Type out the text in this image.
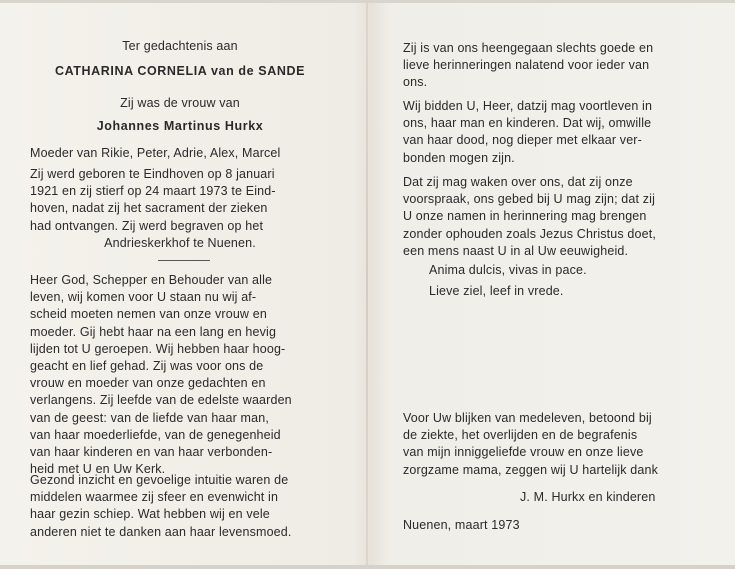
Ter gedachtenis aan

CATHARINA CORNELIA van de SANDE

Zij was de vrouw van

Johannes Martinus Hurkx

Moeder van Rikie, Peter, Adrie, Alex, Marcel

Zij werd geboren te Eindhoven op 8 januari

1921 en zij stierf op 24 maart 1973 te Eind-

hoven, nadat zij het sacrament der zieken

had ontvangen. Zij werd begraven op het

Andrieskerkhof te Nuenen.

Heer God, Schepper en Behouder van alle

leven, wij komen voor U staan nu wij af-

scheid moeten nemen van onze vrouw en

moeder. Gij hebt haar na een lang en hevig

lijden tot U geroepen. Wij hebben haar hoog-

geacht en lief gehad. Zij was voor ons de

vrouw en moeder van onze gedachten en

verlangens. Zij leefde van de edelste waarden

van de geest: van de liefde van haar man,

van haar moederliefde, van de genegenheid

van haar kinderen en van haar verbonden-

heid met U en Uw Kerk.

Gezond inzicht en gevoelige intuitie waren de

middelen waarmee zij sfeer en evenwicht in

haar gezin schiep. Wat hebben wij en vele

anderen niet te danken aan haar levensmoed.

Zij is van ons heengegaan slechts goede en

lieve herinneringen nalatend voor ieder van

ons.

Wij bidden U, Heer, datzij mag voortleven in

ons, haar man en kinderen. Dat wij, omwille

van haar dood, nog dieper met elkaar ver-

bonden mogen zijn.

Dat zij mag waken over ons, dat zij onze

voorspraak, ons gebed bij U mag zijn; dat zij

U onze namen in herinnering mag brengen

zonder ophouden zoals Jezus Christus doet,

een mens naast U in al Uw eeuwigheid.

Anima dulcis, vivas in pace.

Lieve ziel, leef in vrede.

Voor Uw blijken van medeleven, betoond bij

de ziekte, het overlijden en de begrafenis

van mijn inniggeliefde vrouw en onze lieve

zorgzame mama, zeggen wij U hartelijk dank

J. M. Hurkx en kinderen

Nuenen, maart 1973
